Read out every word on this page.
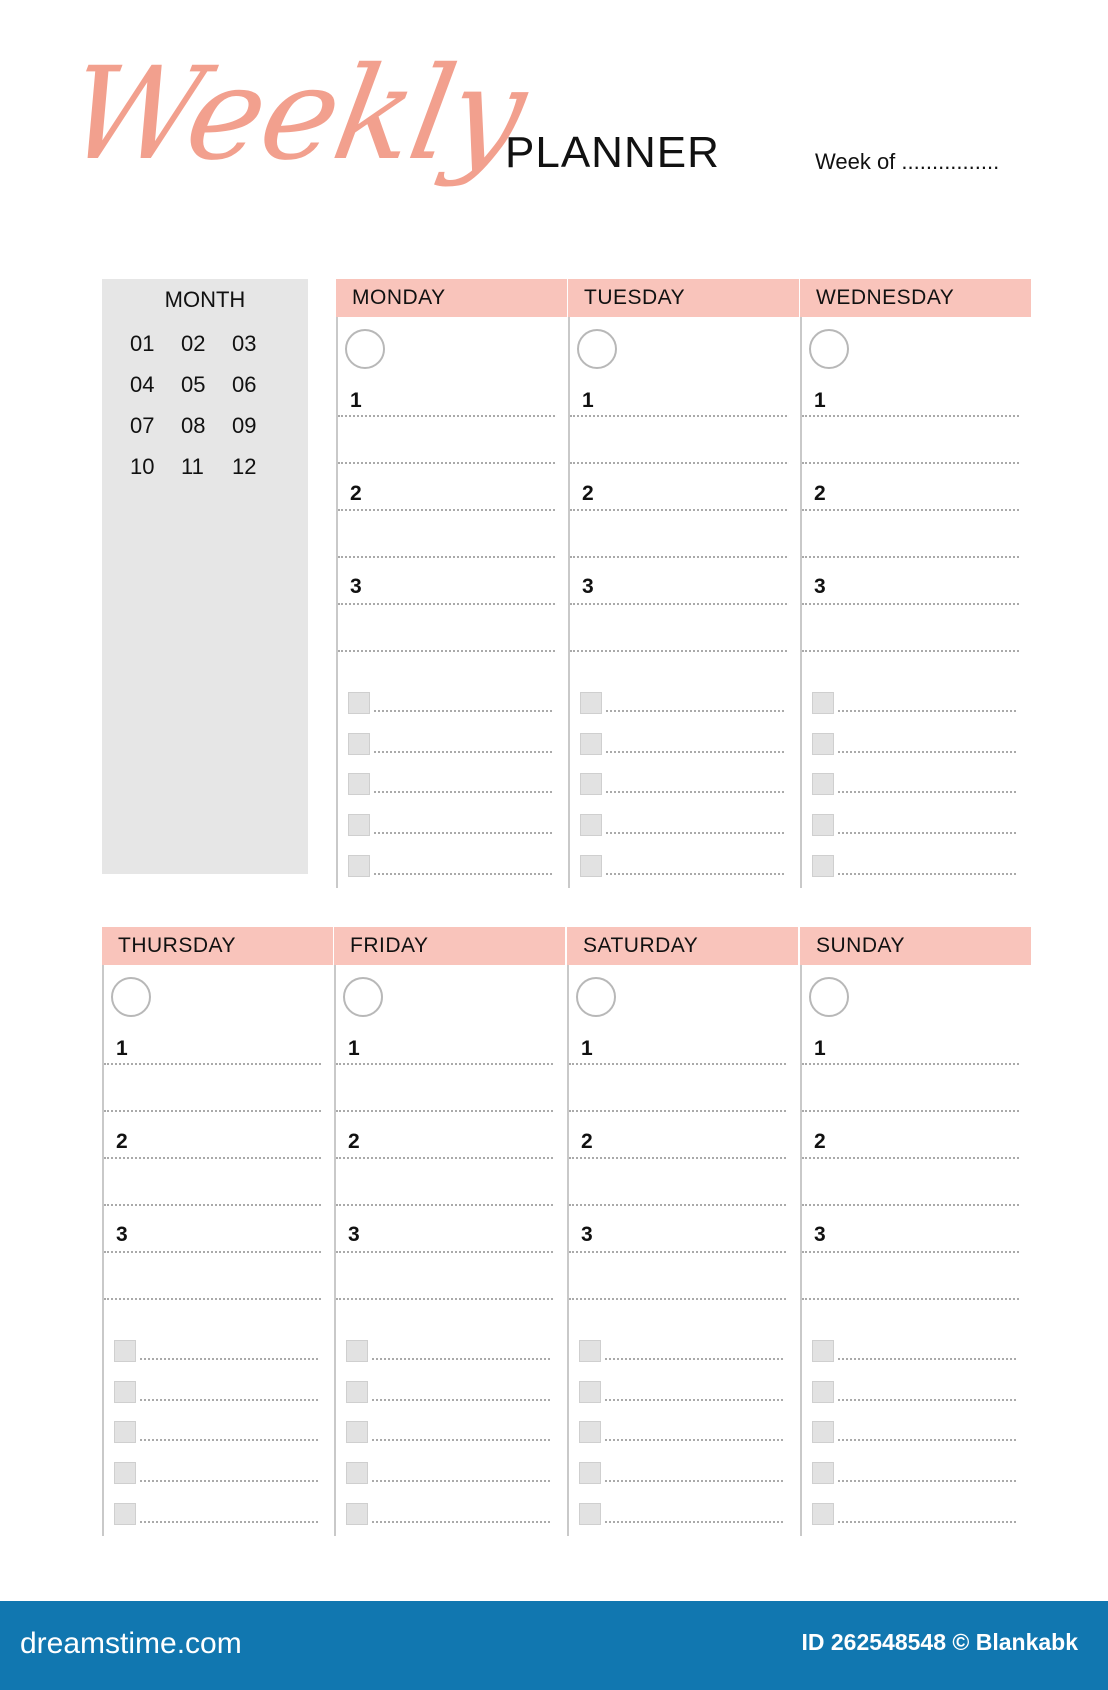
Weekly
PLANNER	Week of ................
MONTH
01	02	03
04	05	06
07	08	09
10	11	12
MONDAY
1
2
3
TUESDAY
1
2
3
WEDNESDAY
1
2
3
THURSDAY
1
2
3
FRIDAY
1
2
3
SATURDAY
1
2
3
SUNDAY
1
2
3
dreamstime.com	ID 262548548 © Blankabk
